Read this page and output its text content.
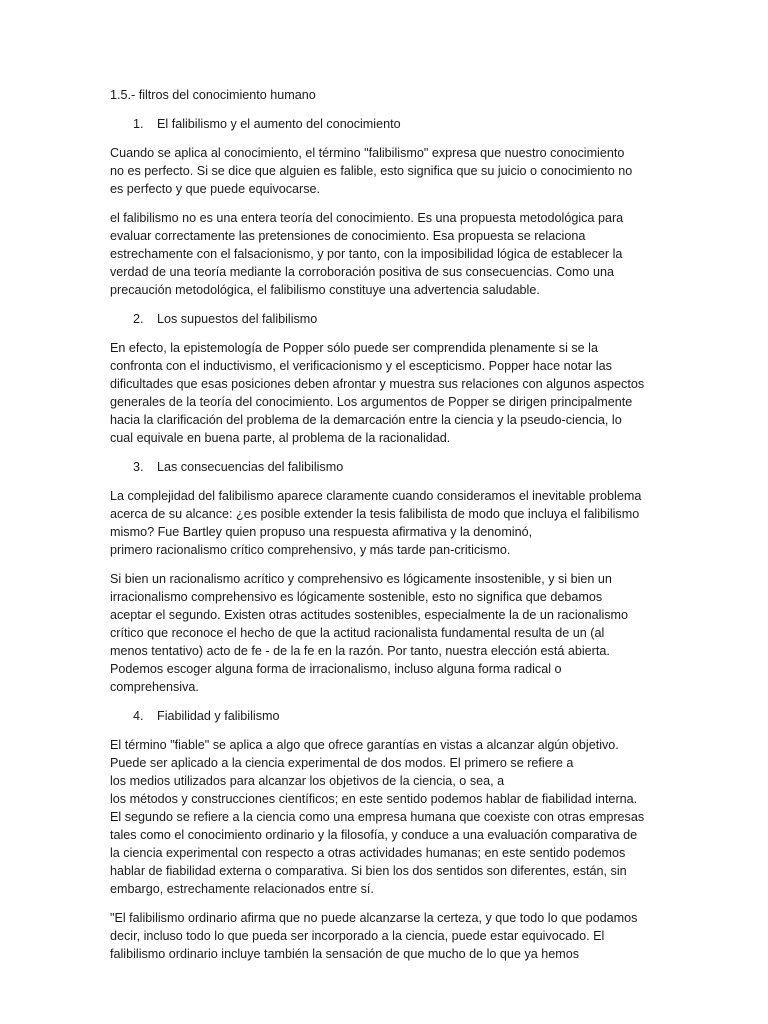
1.5.- filtros del conocimiento humano
1. El falibilismo y el aumento del conocimiento
Cuando se aplica al conocimiento, el término "falibilismo" expresa que nuestro conocimiento
no es perfecto. Si se dice que alguien es falible, esto significa que su juicio o conocimiento no
es perfecto y que puede equivocarse.
el falibilismo no es una entera teoría del conocimiento. Es una propuesta metodológica para
evaluar correctamente las pretensiones de conocimiento. Esa propuesta se relaciona
estrechamente con el falsacionismo, y por tanto, con la imposibilidad lógica de establecer la
verdad de una teoría mediante la corroboración positiva de sus consecuencias. Como una
precaución metodológica, el falibilismo constituye una advertencia saludable.
2. Los supuestos del falibilismo
En efecto, la epistemología de Popper sólo puede ser comprendida plenamente si se la
confronta con el inductivismo, el verificacionismo y el escepticismo. Popper hace notar las
dificultades que esas posiciones deben afrontar y muestra sus relaciones con algunos aspectos
generales de la teoría del conocimiento. Los argumentos de Popper se dirigen principalmente
hacia la clarificación del problema de la demarcación entre la ciencia y la pseudo-ciencia, lo
cual equivale en buena parte, al problema de la racionalidad.
3. Las consecuencias del falibilismo
La complejidad del falibilismo aparece claramente cuando consideramos el inevitable problema
acerca de su alcance: ¿es posible extender la tesis falibilista de modo que incluya el falibilismo
mismo? Fue Bartley quien propuso una respuesta afirmativa y la denominó,
primero racionalismo crítico comprehensivo, y más tarde pan-criticismo.
Si bien un racionalismo acrítico y comprehensivo es lógicamente insostenible, y si bien un
irracionalismo comprehensivo es lógicamente sostenible, esto no significa que debamos
aceptar el segundo. Existen otras actitudes sostenibles, especialmente la de un racionalismo
crítico que reconoce el hecho de que la actitud racionalista fundamental resulta de un (al
menos tentativo) acto de fe - de la fe en la razón. Por tanto, nuestra elección está abierta.
Podemos escoger alguna forma de irracionalismo, incluso alguna forma radical o
comprehensiva.
4. Fiabilidad y falibilismo
El término "fiable" se aplica a algo que ofrece garantías en vistas a alcanzar algún objetivo.
Puede ser aplicado a la ciencia experimental de dos modos. El primero se refiere a
los medios utilizados para alcanzar los objetivos de la ciencia, o sea, a
los métodos y construcciones científicos; en este sentido podemos hablar de fiabilidad interna.
El segundo se refiere a la ciencia como una empresa humana que coexiste con otras empresas
tales como el conocimiento ordinario y la filosofía, y conduce a una evaluación comparativa de
la ciencia experimental con respecto a otras actividades humanas; en este sentido podemos
hablar de fiabilidad externa o comparativa. Si bien los dos sentidos son diferentes, están, sin
embargo, estrechamente relacionados entre sí.
"El falibilismo ordinario afirma que no puede alcanzarse la certeza, y que todo lo que podamos
decir, incluso todo lo que pueda ser incorporado a la ciencia, puede estar equivocado. El
falibilismo ordinario incluye también la sensación de que mucho de lo que ya hemos
